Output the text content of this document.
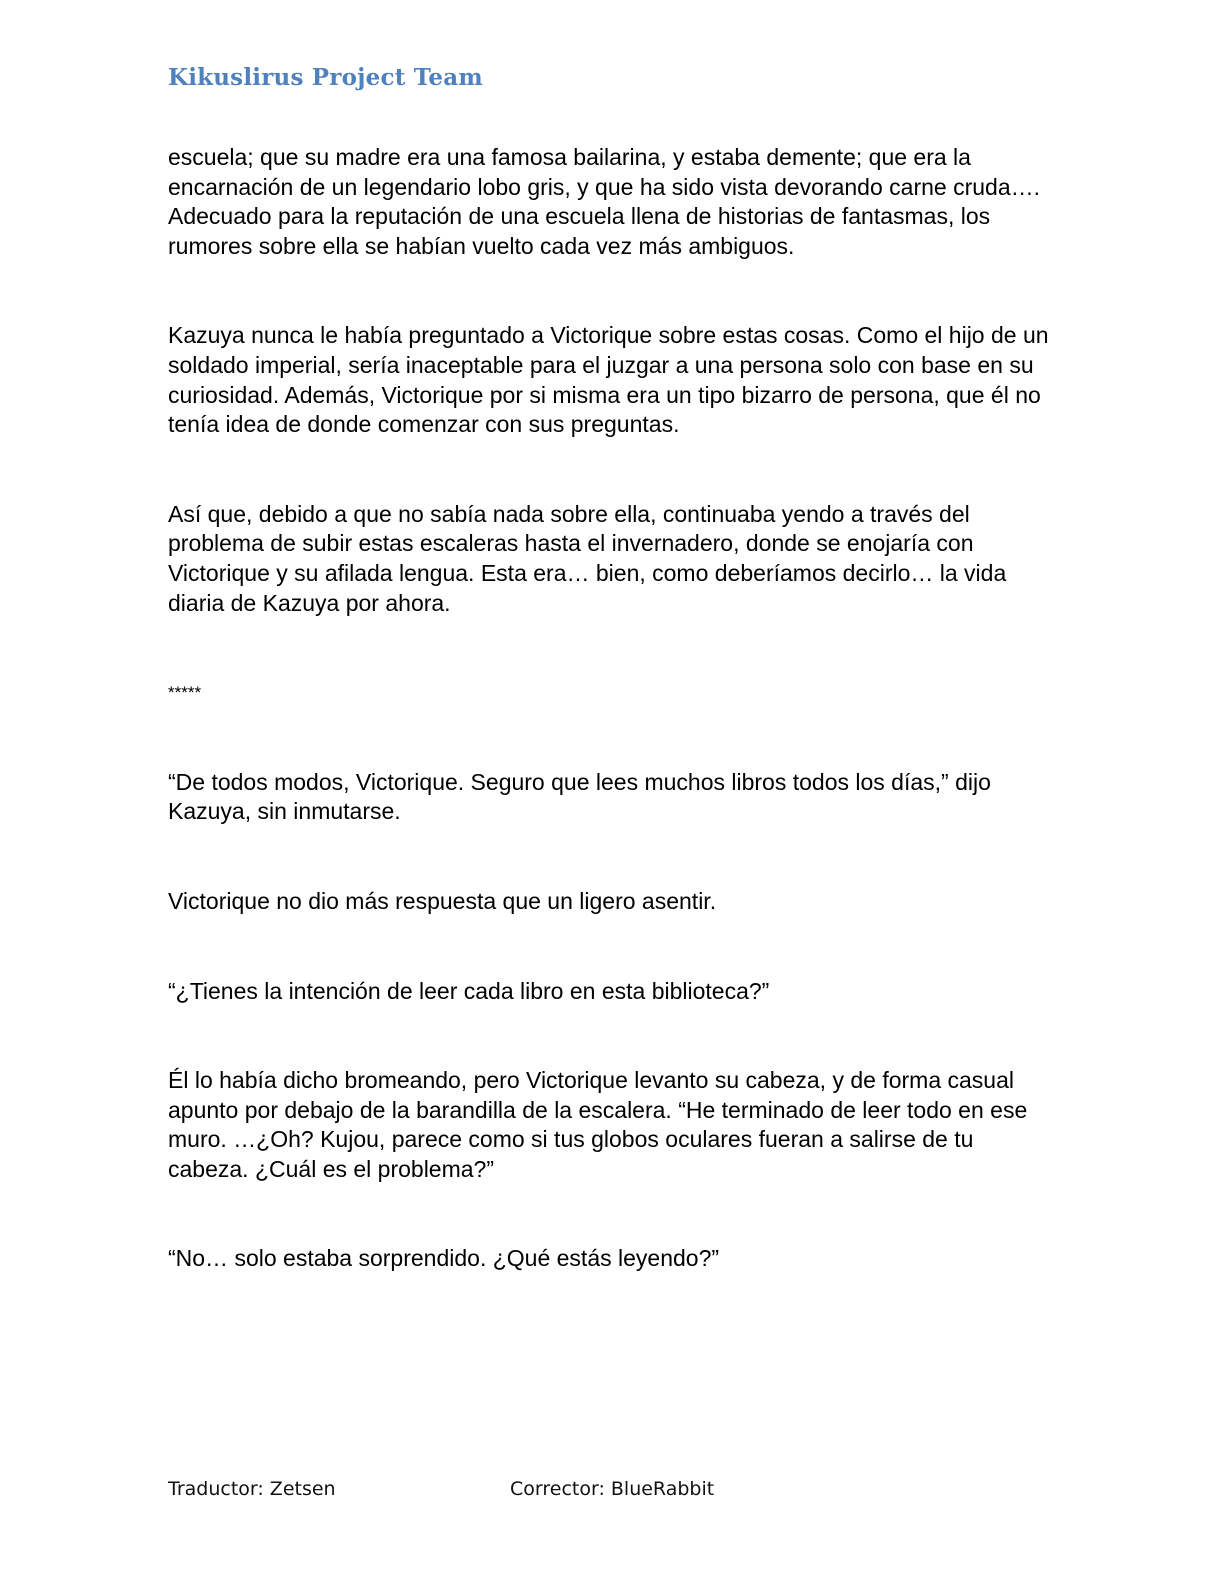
Kikuslirus Project Team

escuela; que su madre era una famosa bailarina, y estaba demente; que era la encarnación de un legendario lobo gris, y que ha sido vista devorando carne cruda…. Adecuado para la reputación de una escuela llena de historias de fantasmas, los rumores sobre ella se habían vuelto cada vez más ambiguos.

Kazuya nunca le había preguntado a Victorique sobre estas cosas. Como el hijo de un soldado imperial, sería inaceptable para el juzgar a una persona solo con base en su curiosidad. Además, Victorique por si misma era un tipo bizarro de persona, que él no tenía idea de donde comenzar con sus preguntas.

Así que, debido a que no sabía nada sobre ella, continuaba yendo a través del problema de subir estas escaleras hasta el invernadero, donde se enojaría con Victorique y su afilada lengua. Esta era… bien, como deberíamos decirlo… la vida diaria de Kazuya por ahora.

*****

“De todos modos, Victorique. Seguro que lees muchos libros todos los días,” dijo Kazuya, sin inmutarse.

Victorique no dio más respuesta que un ligero asentir.

“¿Tienes la intención de leer cada libro en esta biblioteca?”

Él lo había dicho bromeando, pero Victorique levanto su cabeza, y de forma casual apunto por debajo de la barandilla de la escalera. “He terminado de leer todo en ese muro. …¿Oh? Kujou, parece como si tus globos oculares fueran a salirse de tu cabeza. ¿Cuál es el problema?”

“No… solo estaba sorprendido. ¿Qué estás leyendo?”

Traductor: Zetsen	Corrector: BlueRabbit
